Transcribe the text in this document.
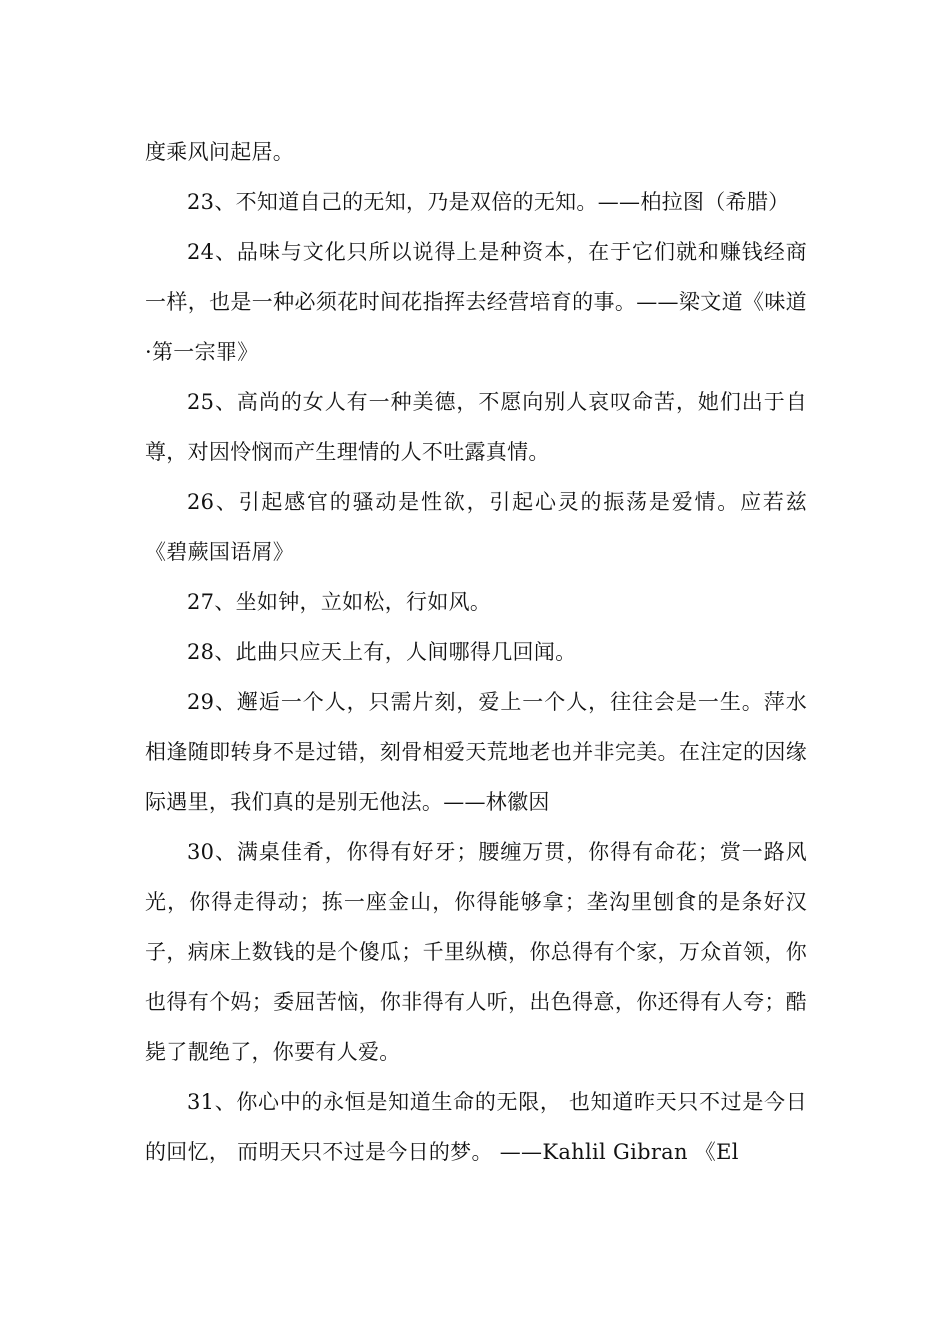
度乘风问起居。

23、不知道自己的无知，乃是双倍的无知。——柏拉图（希腊）

24、品味与文化只所以说得上是种资本，在于它们就和赚钱经商一样，也是一种必须花时间花指挥去经营培育的事。——梁文道《味道·第一宗罪》

25、高尚的女人有一种美德，不愿向别人哀叹命苦，她们出于自尊，对因怜悯而产生理情的人不吐露真情。

26、引起感官的骚动是性欲，引起心灵的振荡是爱情。应若兹《碧蕨国语屑》

27、坐如钟，立如松，行如风。

28、此曲只应天上有，人间哪得几回闻。

29、邂逅一个人，只需片刻，爱上一个人，往往会是一生。萍水相逢随即转身不是过错，刻骨相爱天荒地老也并非完美。在注定的因缘际遇里，我们真的是别无他法。——林徽因

30、满桌佳肴，你得有好牙；腰缠万贯，你得有命花；赏一路风光，你得走得动；拣一座金山，你得能够拿；垄沟里刨食的是条好汉子，病床上数钱的是个傻瓜；千里纵横，你总得有个家，万众首领，你也得有个妈；委屈苦恼，你非得有人听，出色得意，你还得有人夸；酷毙了靓绝了，你要有人爱。

31、你心中的永恒是知道生命的无限， 也知道昨天只不过是今日的回忆， 而明天只不过是今日的梦。 ——Kahlil Gibran 《El
